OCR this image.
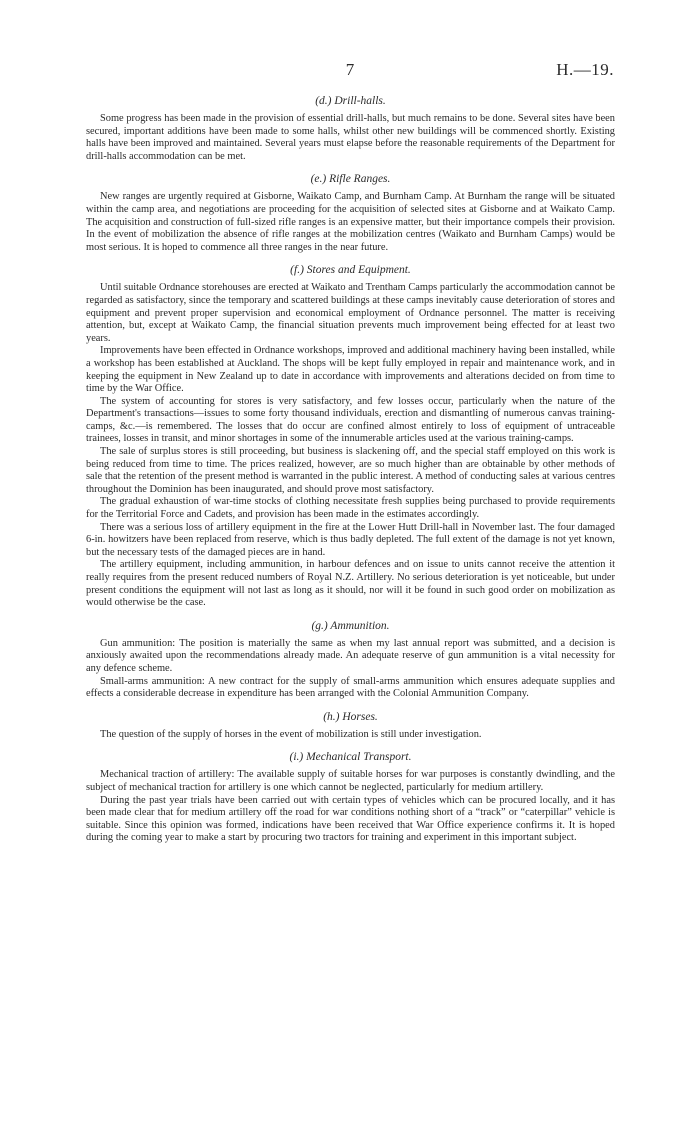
7	H.—19.
(d.) Drill-halls.

Some progress has been made in the provision of essential drill-halls, but much remains to be done. Several sites have been secured, important additions have been made to some halls, whilst other new buildings will be commenced shortly. Existing halls have been improved and maintained. Several years must elapse before the reasonable requirements of the Department for drill-halls accommodation can be met.

(e.) Rifle Ranges.

New ranges are urgently required at Gisborne, Waikato Camp, and Burnham Camp. At Burnham the range will be situated within the camp area, and negotiations are proceeding for the acquisition of selected sites at Gisborne and at Waikato Camp. The acquisition and construction of full-sized rifle ranges is an expensive matter, but their importance compels their provision. In the event of mobilization the absence of rifle ranges at the mobilization centres (Waikato and Burnham Camps) would be most serious. It is hoped to commence all three ranges in the near future.

(f.) Stores and Equipment.

Until suitable Ordnance storehouses are erected at Waikato and Trentham Camps particularly the accommodation cannot be regarded as satisfactory, since the temporary and scattered buildings at these camps inevitably cause deterioration of stores and equipment and prevent proper supervision and economical employment of Ordnance personnel. The matter is receiving attention, but, except at Waikato Camp, the financial situation prevents much improvement being effected for at least two years.

Improvements have been effected in Ordnance workshops, improved and additional machinery having been installed, while a workshop has been established at Auckland. The shops will be kept fully employed in repair and maintenance work, and in keeping the equipment in New Zealand up to date in accordance with improvements and alterations decided on from time to time by the War Office.

The system of accounting for stores is very satisfactory, and few losses occur, particularly when the nature of the Department's transactions—issues to some forty thousand individuals, erection and dismantling of numerous canvas training-camps, &c.—is remembered. The losses that do occur are confined almost entirely to loss of equipment of untraceable trainees, losses in transit, and minor shortages in some of the innumerable articles used at the various training-camps.

The sale of surplus stores is still proceeding, but business is slackening off, and the special staff employed on this work is being reduced from time to time. The prices realized, however, are so much higher than are obtainable by other methods of sale that the retention of the present method is warranted in the public interest. A method of conducting sales at various centres throughout the Dominion has been inaugurated, and should prove most satisfactory.

The gradual exhaustion of war-time stocks of clothing necessitate fresh supplies being purchased to provide requirements for the Territorial Force and Cadets, and provision has been made in the estimates accordingly.

There was a serious loss of artillery equipment in the fire at the Lower Hutt Drill-hall in November last. The four damaged 6-in. howitzers have been replaced from reserve, which is thus badly depleted. The full extent of the damage is not yet known, but the necessary tests of the damaged pieces are in hand.

The artillery equipment, including ammunition, in harbour defences and on issue to units cannot receive the attention it really requires from the present reduced numbers of Royal N.Z. Artillery. No serious deterioration is yet noticeable, but under present conditions the equipment will not last as long as it should, nor will it be found in such good order on mobilization as would otherwise be the case.

(g.) Ammunition.

Gun ammunition: The position is materially the same as when my last annual report was submitted, and a decision is anxiously awaited upon the recommendations already made. An adequate reserve of gun ammunition is a vital necessity for any defence scheme.

Small-arms ammunition: A new contract for the supply of small-arms ammunition which ensures adequate supplies and effects a considerable decrease in expenditure has been arranged with the Colonial Ammunition Company.

(h.) Horses.

The question of the supply of horses in the event of mobilization is still under investigation.

(i.) Mechanical Transport.

Mechanical traction of artillery: The available supply of suitable horses for war purposes is constantly dwindling, and the subject of mechanical traction for artillery is one which cannot be neglected, particularly for medium artillery.

During the past year trials have been carried out with certain types of vehicles which can be procured locally, and it has been made clear that for medium artillery off the road for war conditions nothing short of a “track” or “caterpillar” vehicle is suitable. Since this opinion was formed, indications have been received that War Office experience confirms it. It is hoped during the coming year to make a start by procuring two tractors for training and experiment in this important subject.
